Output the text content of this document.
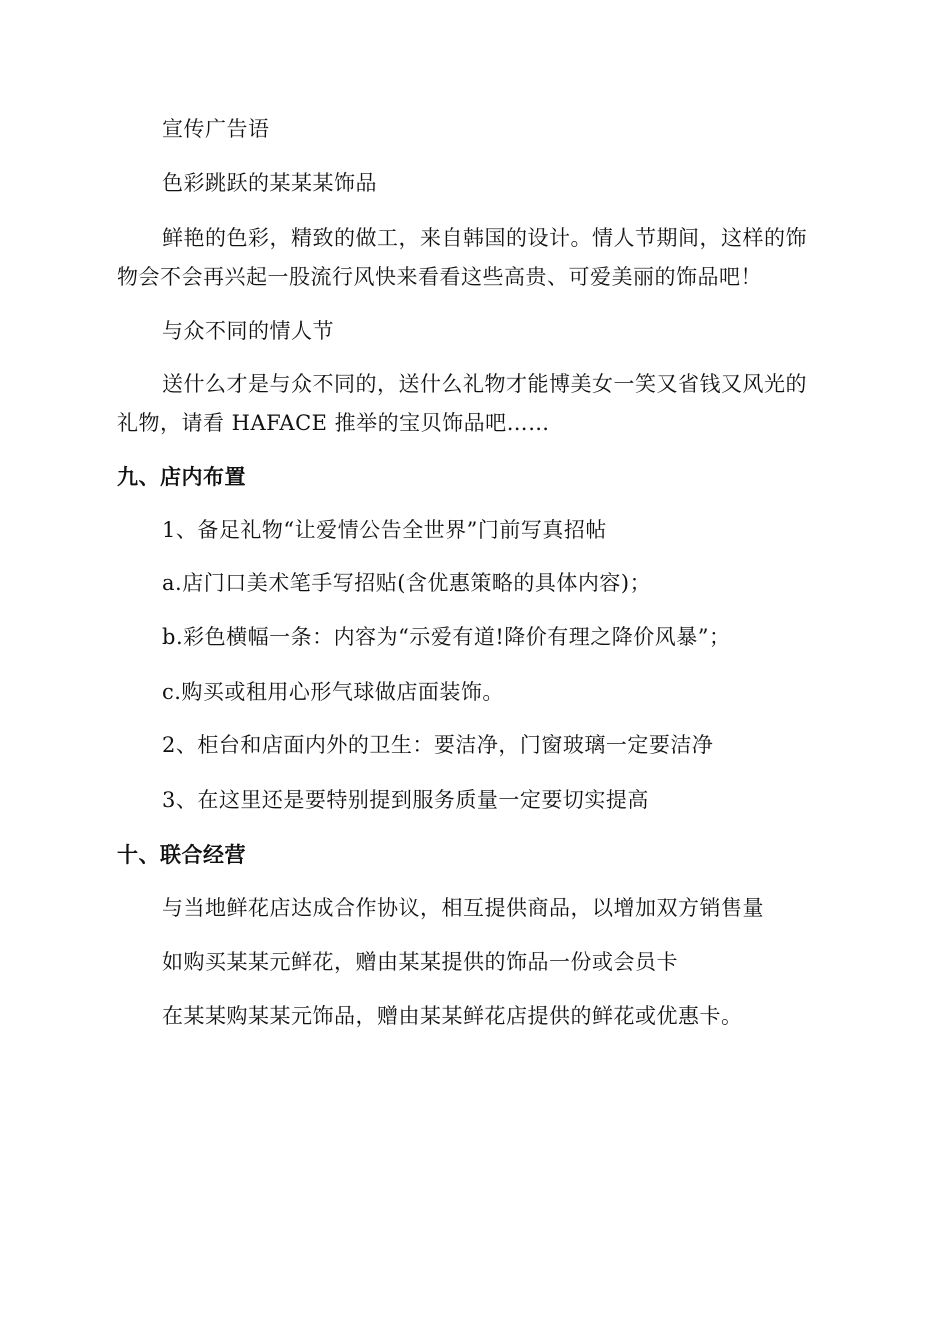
宣传广告语
色彩跳跃的某某某饰品
鲜艳的色彩，精致的做工，来自韩国的设计。情人节期间，这样的饰
物会不会再兴起一股流行风快来看看这些高贵、可爱美丽的饰品吧！
与众不同的情人节
送什么才是与众不同的，送什么礼物才能博美女一笑又省钱又风光的
礼物，请看 HAFACE 推举的宝贝饰品吧……
九、店内布置
1、备足礼物“让爱情公告全世界”门前写真招帖
a.店门口美术笔手写招贴(含优惠策略的具体内容)；
b.彩色横幅一条：内容为“示爱有道!降价有理之降价风暴”；
c.购买或租用心形气球做店面装饰。
2、柜台和店面内外的卫生：要洁净，门窗玻璃一定要洁净
3、在这里还是要特别提到服务质量一定要切实提高
十、联合经营
与当地鲜花店达成合作协议，相互提供商品，以增加双方销售量
如购买某某元鲜花，赠由某某提供的饰品一份或会员卡
在某某购某某元饰品，赠由某某鲜花店提供的鲜花或优惠卡。
